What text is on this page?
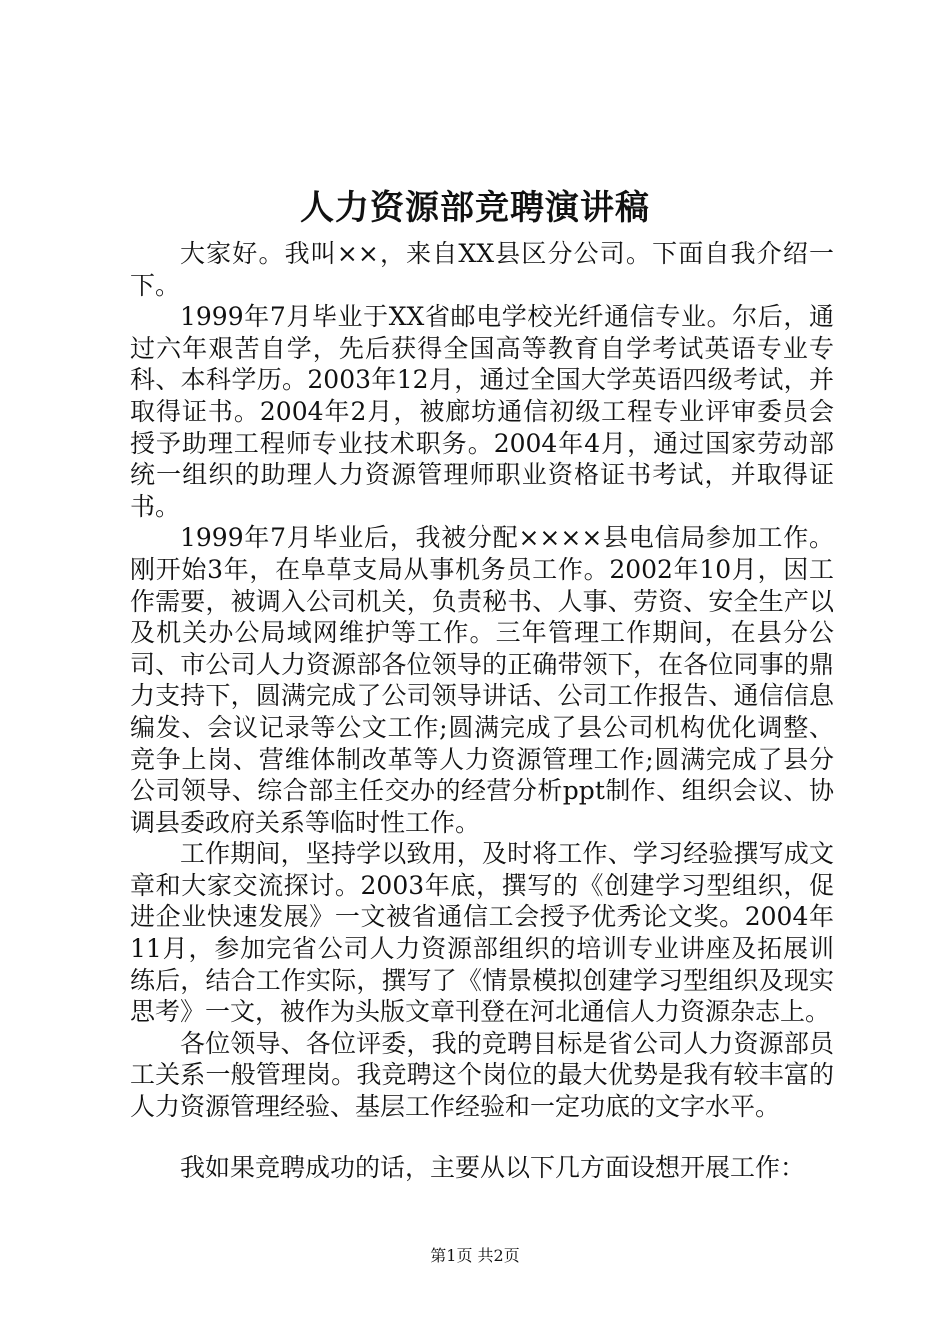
人力资源部竞聘演讲稿

大家好。我叫××，来自XX县区分公司。下面自我介绍一下。

1999年7月毕业于XX省邮电学校光纤通信专业。尔后，通过六年艰苦自学，先后获得全国高等教育自学考试英语专业专科、本科学历。2003年12月，通过全国大学英语四级考试，并取得证书。2004年2月，被廊坊通信初级工程专业评审委员会授予助理工程师专业技术职务。2004年4月，通过国家劳动部统一组织的助理人力资源管理师职业资格证书考试，并取得证书。

1999年7月毕业后，我被分配××××县电信局参加工作。刚开始3年，在阜草支局从事机务员工作。2002年10月，因工作需要，被调入公司机关，负责秘书、人事、劳资、安全生产以及机关办公局域网维护等工作。三年管理工作期间，在县分公司、市公司人力资源部各位领导的正确带领下，在各位同事的鼎力支持下，圆满完成了公司领导讲话、公司工作报告、通信信息编发、会议记录等公文工作;圆满完成了县公司机构优化调整、竞争上岗、营维体制改革等人力资源管理工作;圆满完成了县分公司领导、综合部主任交办的经营分析ppt制作、组织会议、协调县委政府关系等临时性工作。

工作期间，坚持学以致用，及时将工作、学习经验撰写成文章和大家交流探讨。2003年底，撰写的《创建学习型组织，促进企业快速发展》一文被省通信工会授予优秀论文奖。2004年11月，参加完省公司人力资源部组织的培训专业讲座及拓展训练后，结合工作实际，撰写了《情景模拟创建学习型组织及现实思考》一文，被作为头版文章刊登在河北通信人力资源杂志上。

各位领导、各位评委，我的竞聘目标是省公司人力资源部员工关系一般管理岗。我竞聘这个岗位的最大优势是我有较丰富的人力资源管理经验、基层工作经验和一定功底的文字水平。

我如果竞聘成功的话，主要从以下几方面设想开展工作：

第1页 共2页
